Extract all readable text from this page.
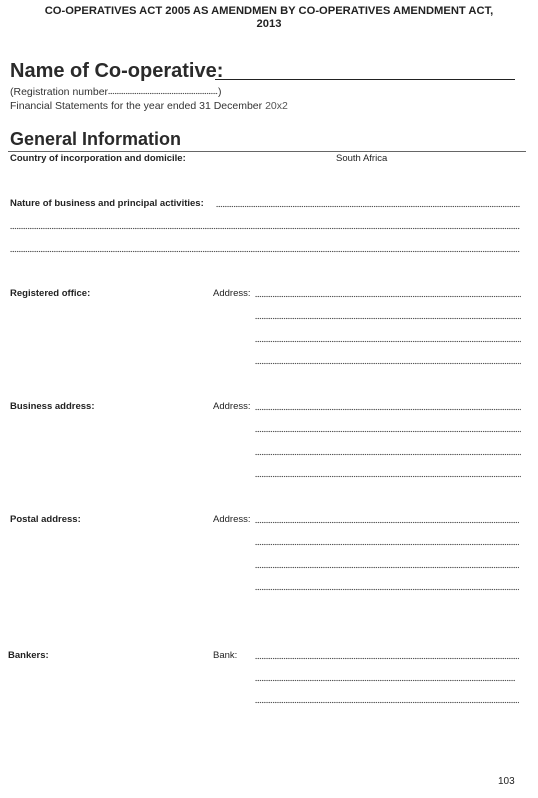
CO-OPERATIVES ACT 2005 AS AMENDMEN BY CO-OPERATIVES AMENDMENT ACT,
2013
Name of Co-operative:
(Registration number	)
Financial Statements for the year ended 31 December 20x2
General Information
Country of incorporation and domicile:	South Africa
Nature of business and principal activities:
Registered office:	Address:
Business address:	Address:
Postal address:	Address:
Bankers:	Bank:
103
